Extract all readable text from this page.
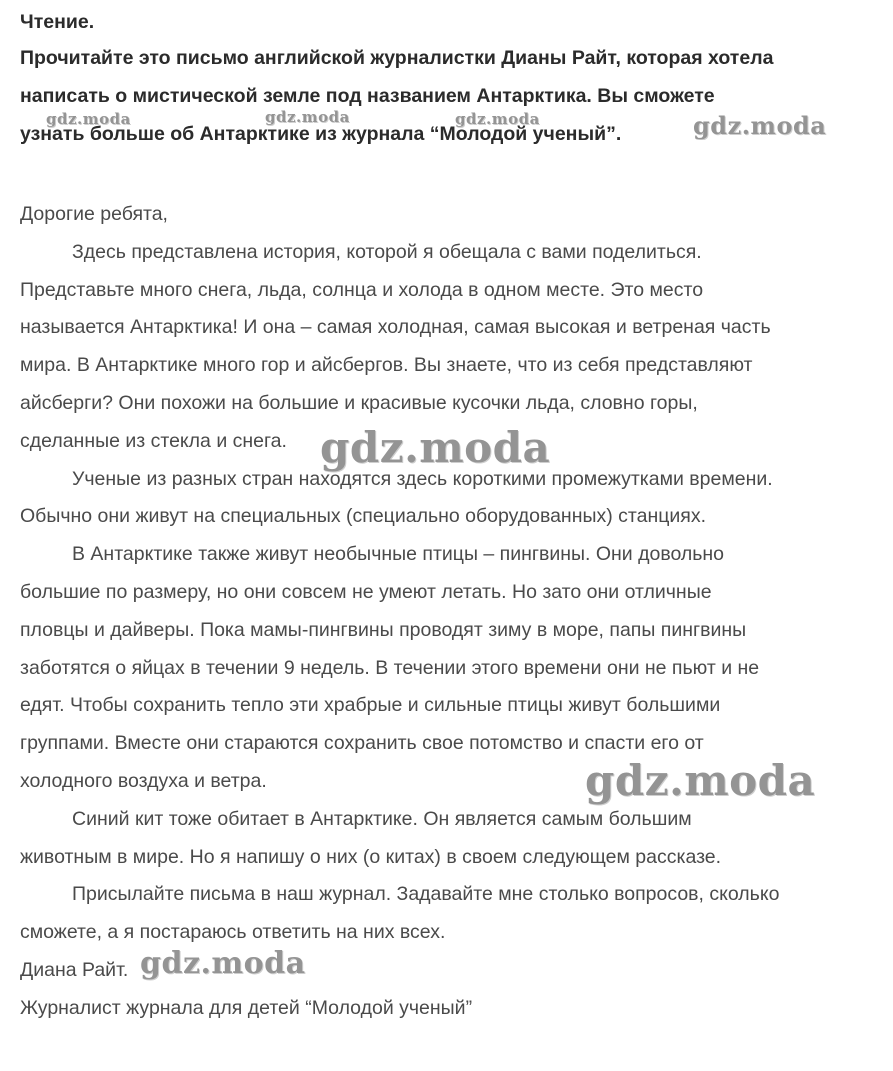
Чтение.
Прочитайте это письмо английской журналистки Дианы Райт, которая хотела
написать о мистической земле под названием Антарктика. Вы сможете
узнать больше об Антарктике из журнала “Молодой ученый”.
Дорогие ребята,
Здесь представлена история, которой я обещала с вами поделиться.
Представьте много снега, льда, солнца и холода в одном месте. Это место
называется Антарктика! И она – самая холодная, самая высокая и ветреная часть
мира. В Антарктике много гор и айсбергов. Вы знаете, что из себя представляют
айсберги? Они похожи на большие и красивые кусочки льда, словно горы,
сделанные из стекла и снега.
Ученые из разных стран находятся здесь короткими промежутками времени.
Обычно они живут на специальных (специально оборудованных) станциях.
В Антарктике также живут необычные птицы – пингвины. Они довольно
большие по размеру, но они совсем не умеют летать. Но зато они отличные
пловцы и дайверы. Пока мамы-пингвины проводят зиму в море, папы пингвины
заботятся о яйцах в течении 9 недель. В течении этого времени они не пьют и не
едят. Чтобы сохранить тепло эти храбрые и сильные птицы живут большими
группами. Вместе они стараются сохранить свое потомство и спасти его от
холодного воздуха и ветра.
Синий кит тоже обитает в Антарктике. Он является самым большим
животным в мире. Но я напишу о них (о китах) в своем следующем рассказе.
Присылайте письма в наш журнал. Задавайте мне столько вопросов, сколько
сможете, а я постараюсь ответить на них всех.
Диана Райт.
Журналист журнала для детей “Молодой ученый”
gdz.moda	gdz.moda	gdz.moda	gdz.moda
gdz.moda
gdz.moda
gdz.moda
